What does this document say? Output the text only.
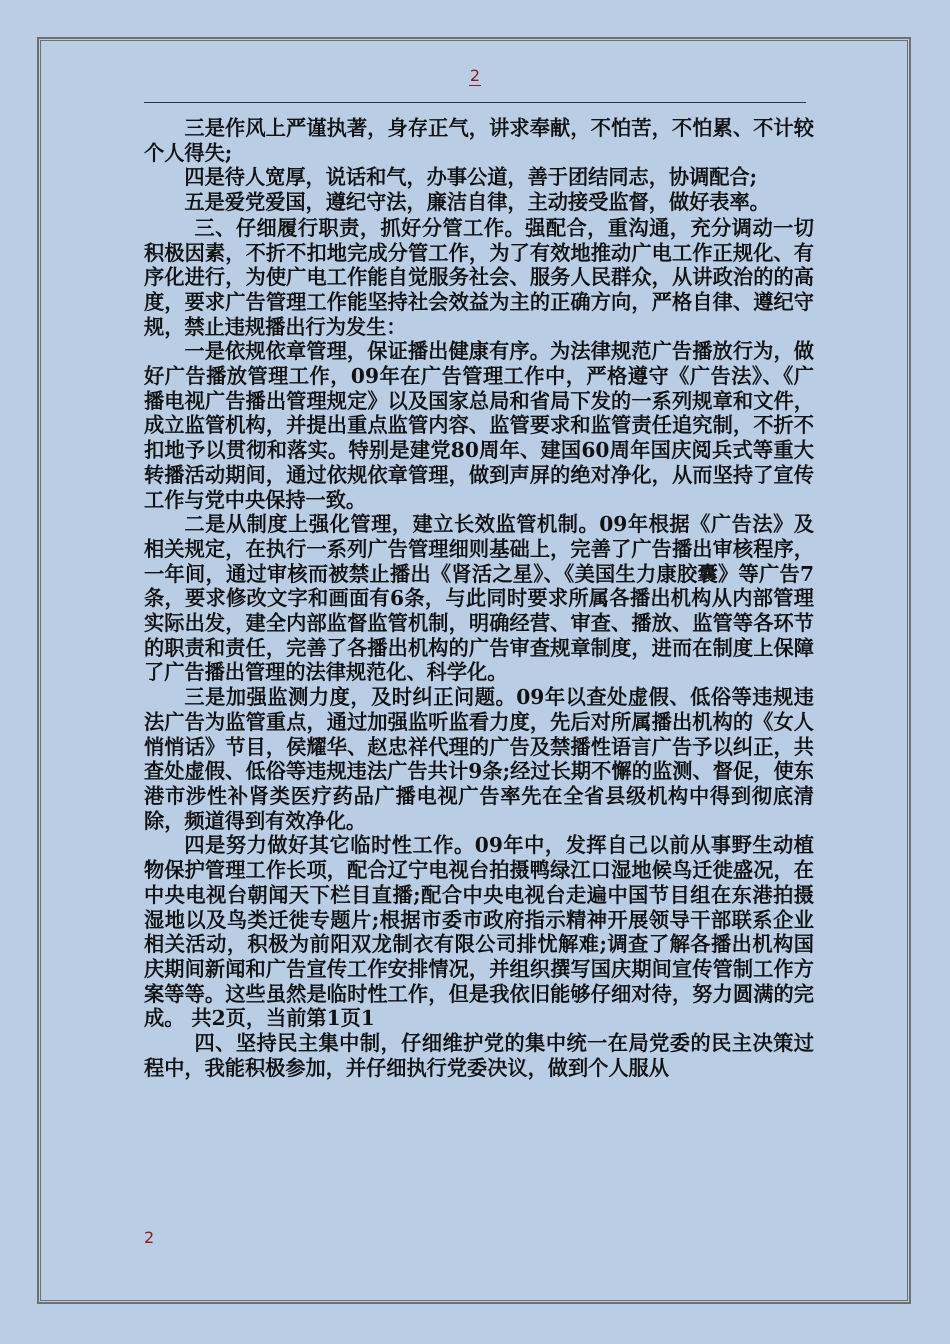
2

三是作风上严谨执著，身存正气，讲求奉献，不怕苦，不怕累、不计较个人得失;

四是待人宽厚，说话和气，办事公道，善于团结同志，协调配合;

五是爱党爱国，遵纪守法，廉洁自律，主动接受监督，做好表率。

三、仔细履行职责，抓好分管工作。强配合，重沟通，充分调动一切积极因素，不折不扣地完成分管工作，为了有效地推动广电工作正规化、有序化进行，为使广电工作能自觉服务社会、服务人民群众，从讲政治的的高度，要求广告管理工作能坚持社会效益为主的正确方向，严格自律、遵纪守规，禁止违规播出行为发生：

一是依规依章管理，保证播出健康有序。为法律规范广告播放行为，做好广告播放管理工作，09年在广告管理工作中，严格遵守《广告法》、《广播电视广告播出管理规定》以及国家总局和省局下发的一系列规章和文件，成立监管机构，并提出重点监管内容、监管要求和监管责任追究制，不折不扣地予以贯彻和落实。特别是建党80周年、建国60周年国庆阅兵式等重大转播活动期间，通过依规依章管理，做到声屏的绝对净化，从而坚持了宣传工作与党中央保持一致。

二是从制度上强化管理，建立长效监管机制。09年根据《广告法》及相关规定，在执行一系列广告管理细则基础上，完善了广告播出审核程序，一年间，通过审核而被禁止播出《肾活之星》、《美国生力康胶囊》等广告7条，要求修改文字和画面有6条，与此同时要求所属各播出机构从内部管理实际出发，建全内部监督监管机制，明确经营、审查、播放、监管等各环节的职责和责任，完善了各播出机构的广告审查规章制度，进而在制度上保障了广告播出管理的法律规范化、科学化。

三是加强监测力度，及时纠正问题。09年以查处虚假、低俗等违规违法广告为监管重点，通过加强监听监看力度，先后对所属播出机构的《女人悄悄话》节目，侯耀华、赵忠祥代理的广告及禁播性语言广告予以纠正，共查处虚假、低俗等违规违法广告共计9条;经过长期不懈的监测、督促，使东港市涉性补肾类医疗药品广播电视广告率先在全省县级机构中得到彻底清除，频道得到有效净化。

四是努力做好其它临时性工作。09年中，发挥自己以前从事野生动植物保护管理工作长项，配合辽宁电视台拍摄鸭绿江口湿地候鸟迁徙盛况，在中央电视台朝闻天下栏目直播;配合中央电视台走遍中国节目组在东港拍摄湿地以及鸟类迁徙专题片;根据市委市政府指示精神开展领导干部联系企业相关活动，积极为前阳双龙制衣有限公司排忧解难;调查了解各播出机构国庆期间新闻和广告宣传工作安排情况，并组织撰写国庆期间宣传管制工作方案等等。这些虽然是临时性工作，但是我依旧能够仔细对待，努力圆满的完成。 共2页，当前第1页1

四、坚持民主集中制，仔细维护党的集中统一在局党委的民主决策过程中，我能积极参加，并仔细执行党委决议，做到个人服从

2
